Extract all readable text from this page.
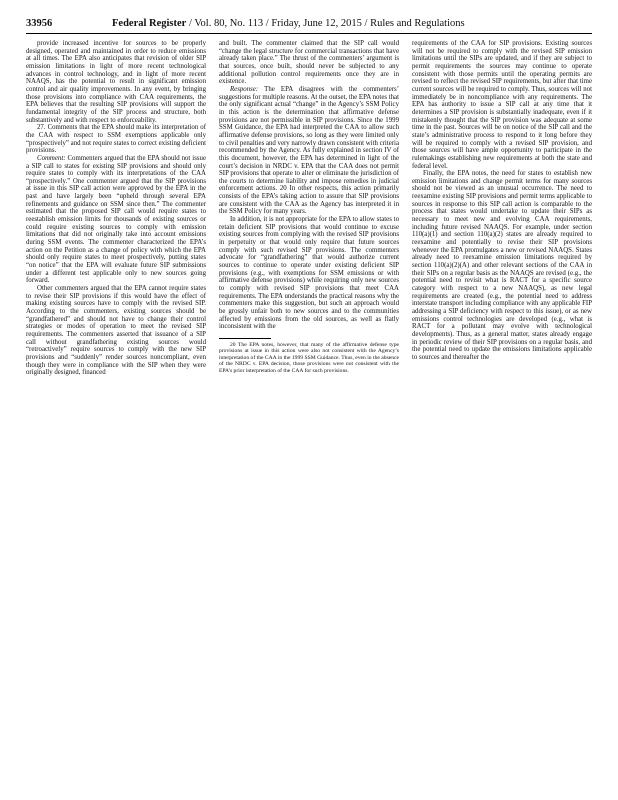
33956	Federal Register / Vol. 80, No. 113 / Friday, June 12, 2015 / Rules and Regulations

provide increased incentive for sources to be properly designed, operated and maintained in order to reduce emissions at all times. The EPA also anticipates that revision of older SIP emission limitations in light of more recent technological advances in control technology, and in light of more recent NAAQS, has the potential to result in significant emission control and air quality improvements. In any event, by bringing those provisions into compliance with CAA requirements, the EPA believes that the resulting SIP provisions will support the fundamental integrity of the SIP process and structure, both substantively and with respect to enforceability.

27. Comments that the EPA should make its interpretation of the CAA with respect to SSM exemptions applicable only “prospectively” and not require states to correct existing deficient provisions.

Comment: Commenters argued that the EPA should not issue a SIP call to states for existing SIP provisions and should only require states to comply with its interpretations of the CAA “prospectively.” One commenter argued that the SIP provisions at issue in this SIP call action were approved by the EPA in the past and have largely been “upheld through several EPA refinements and guidance on SSM since then.” The commenter estimated that the proposed SIP call would require states to reestablish emission limits for thousands of existing sources or could require existing sources to comply with emission limitations that did not originally take into account emissions during SSM events. The commenter characterized the EPA’s action on the Petition as a change of policy with which the EPA should only require states to meet prospectively, putting states “on notice” that the EPA will evaluate future SIP submissions under a different test applicable only to new sources going forward.

Other commenters argued that the EPA cannot require states to revise their SIP provisions if this would have the effect of making existing sources have to comply with the revised SIP. According to the commenters, existing sources should be “grandfathered” and should not have to change their control strategies or modes of operation to meet the revised SIP requirements. The commenters asserted that issuance of a SIP call without grandfathering existing sources would “retroactively” require sources to comply with the new SIP provisions and “suddenly” render sources noncompliant, even though they were in compliance with the SIP when they were originally designed, financed

and built. The commenter claimed that the SIP call would “change the legal structure for commercial transactions that have already taken place.” The thrust of the commenters’ argument is that sources, once built, should never be subjected to any additional pollution control requirements once they are in existence.

Response: The EPA disagrees with the commenters’ suggestions for multiple reasons. At the outset, the EPA notes that the only significant actual “change” in the Agency’s SSM Policy in this action is the determination that affirmative defense provisions are not permissible in SIP provisions. Since the 1999 SSM Guidance, the EPA had interpreted the CAA to allow such affirmative defense provisions, so long as they were limited only to civil penalties and very narrowly drawn consistent with criteria recommended by the Agency. As fully explained in section IV of this document, however, the EPA has determined in light of the court’s decision in NRDC v. EPA that the CAA does not permit SIP provisions that operate to alter or eliminate the jurisdiction of the courts to determine liability and impose remedies in judicial enforcement actions. 20 In other respects, this action primarily consists of the EPA’s taking action to assure that SIP provisions are consistent with the CAA as the Agency has interpreted it in the SSM Policy for many years.

In addition, it is not appropriate for the EPA to allow states to retain deficient SIP provisions that would continue to excuse existing sources from complying with the revised SIP provisions in perpetuity or that would only require that future sources comply with such revised SIP provisions. The commenters advocate for “grandfathering” that would authorize current sources to continue to operate under existing deficient SIP provisions (e.g., with exemptions for SSM emissions or with affirmative defense provisions) while requiring only new sources to comply with revised SIP provisions that meet CAA requirements. The EPA understands the practical reasons why the commenters make this suggestion, but such an approach would be grossly unfair both to new sources and to the communities affected by emissions from the old sources, as well as flatly inconsistent with the

20 The EPA notes, however, that many of the affirmative defense type provisions at issue in this action were also not consistent with the Agency’s interpretation of the CAA in the 1999 SSM Guidance. Thus, even in the absence of the NRDC v. EPA decision, those provisions were not consistent with the EPA’s prior interpretation of the CAA for such provisions.

requirements of the CAA for SIP provisions. Existing sources will not be required to comply with the revised SIP emission limitations until the SIPs are updated, and if they are subject to permit requirements the sources may continue to operate consistent with those permits until the operating permits are revised to reflect the revised SIP requirements, but after that time current sources will be required to comply. Thus, sources will not immediately be in noncompliance with any requirements. The EPA has authority to issue a SIP call at any time that it determines a SIP provision is substantially inadequate, even if it mistakenly thought that the SIP provision was adequate at some time in the past. Sources will be on notice of the SIP call and the state’s administrative process to respond to it long before they will be required to comply with a revised SIP provision, and those sources will have ample opportunity to participate in the rulemakings establishing new requirements at both the state and federal level.

Finally, the EPA notes, the need for states to establish new emission limitations and change permit terms for many sources should not be viewed as an unusual occurrence. The need to reexamine existing SIP provisions and permit terms applicable to sources in response to this SIP call action is comparable to the process that states would undertake to update their SIPs as necessary to meet new and evolving CAA requirements, including future revised NAAQS. For example, under section 110(a)(1) and section 110(a)(2) states are already required to reexamine and potentially to revise their SIP provisions whenever the EPA promulgates a new or revised NAAQS. States already need to reexamine emission limitations required by section 110(a)(2)(A) and other relevant sections of the CAA in their SIPs on a regular basis as the NAAQS are revised (e.g., the potential need to revisit what is RACT for a specific source category with respect to a new NAAQS), as new legal requirements are created (e.g., the potential need to address interstate transport including compliance with any applicable FIP addressing a SIP deficiency with respect to this issue), or as new emissions control technologies are developed (e.g., what is RACT for a pollutant may evolve with technological developments). Thus, as a general matter, states already engage in periodic review of their SIP provisions on a regular basis, and the potential need to update the emissions limitations applicable to sources and thereafter the
